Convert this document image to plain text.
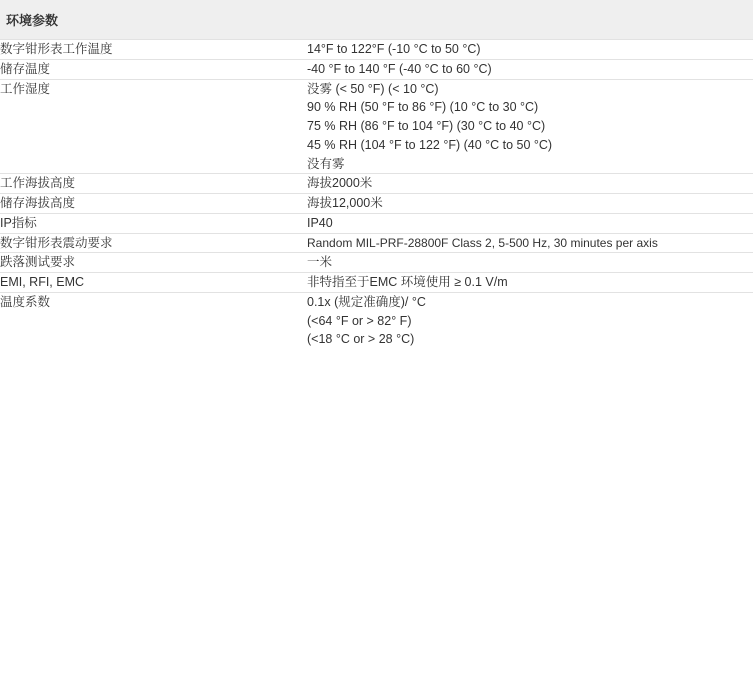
环境参数	
数字钳形表工作温度	14°F to 122°F (-10 °C to 50 °C)
储存温度	-40 °F to 140 °F (-40 °C to 60 °C)
工作湿度	没雾 (< 50 °F) (< 10 °C)
	90 % RH (50 °F to 86 °F) (10 °C to 30 °C)
	75 % RH (86 °F to 104 °F) (30 °C to 40 °C)
	45 % RH (104 °F to 122 °F) (40 °C to 50 °C)
	没有雾
工作海拔高度	海拔2000米
储存海拔高度	海拔12,000米
IP指标	IP40
数字钳形表震动要求	Random MIL-PRF-28800F Class 2, 5-500 Hz, 30 minutes per axis
跌落测试要求	一米
EMI, RFI, EMC	非特指至于EMC 环境使用 ≥ 0.1 V/m
温度系数	0.1x (规定准确度)/ °C
	(<64 °F or > 82° F)
	(<18 °C or > 28 °C)
